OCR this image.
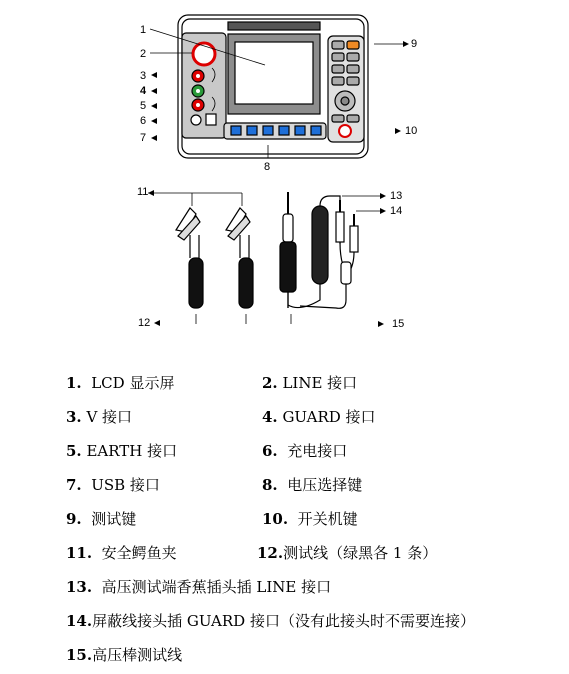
1
2
3
4
5
6
7
8
9
10
11
12
13
14
15
1. LCD 显示屏	2. LINE 接口
3. V 接口	4. GUARD 接口
5. EARTH 接口	6. 充电接口
7. USB 接口	8. 电压选择键
9. 测试键	10. 开关机键
11. 安全鳄鱼夹	12.测试线（绿黑各 1 条）
13. 高压测试端香蕉插头插 LINE 接口
14.屏蔽线接头插 GUARD 接口（没有此接头时不需要连接）
15.高压棒测试线
